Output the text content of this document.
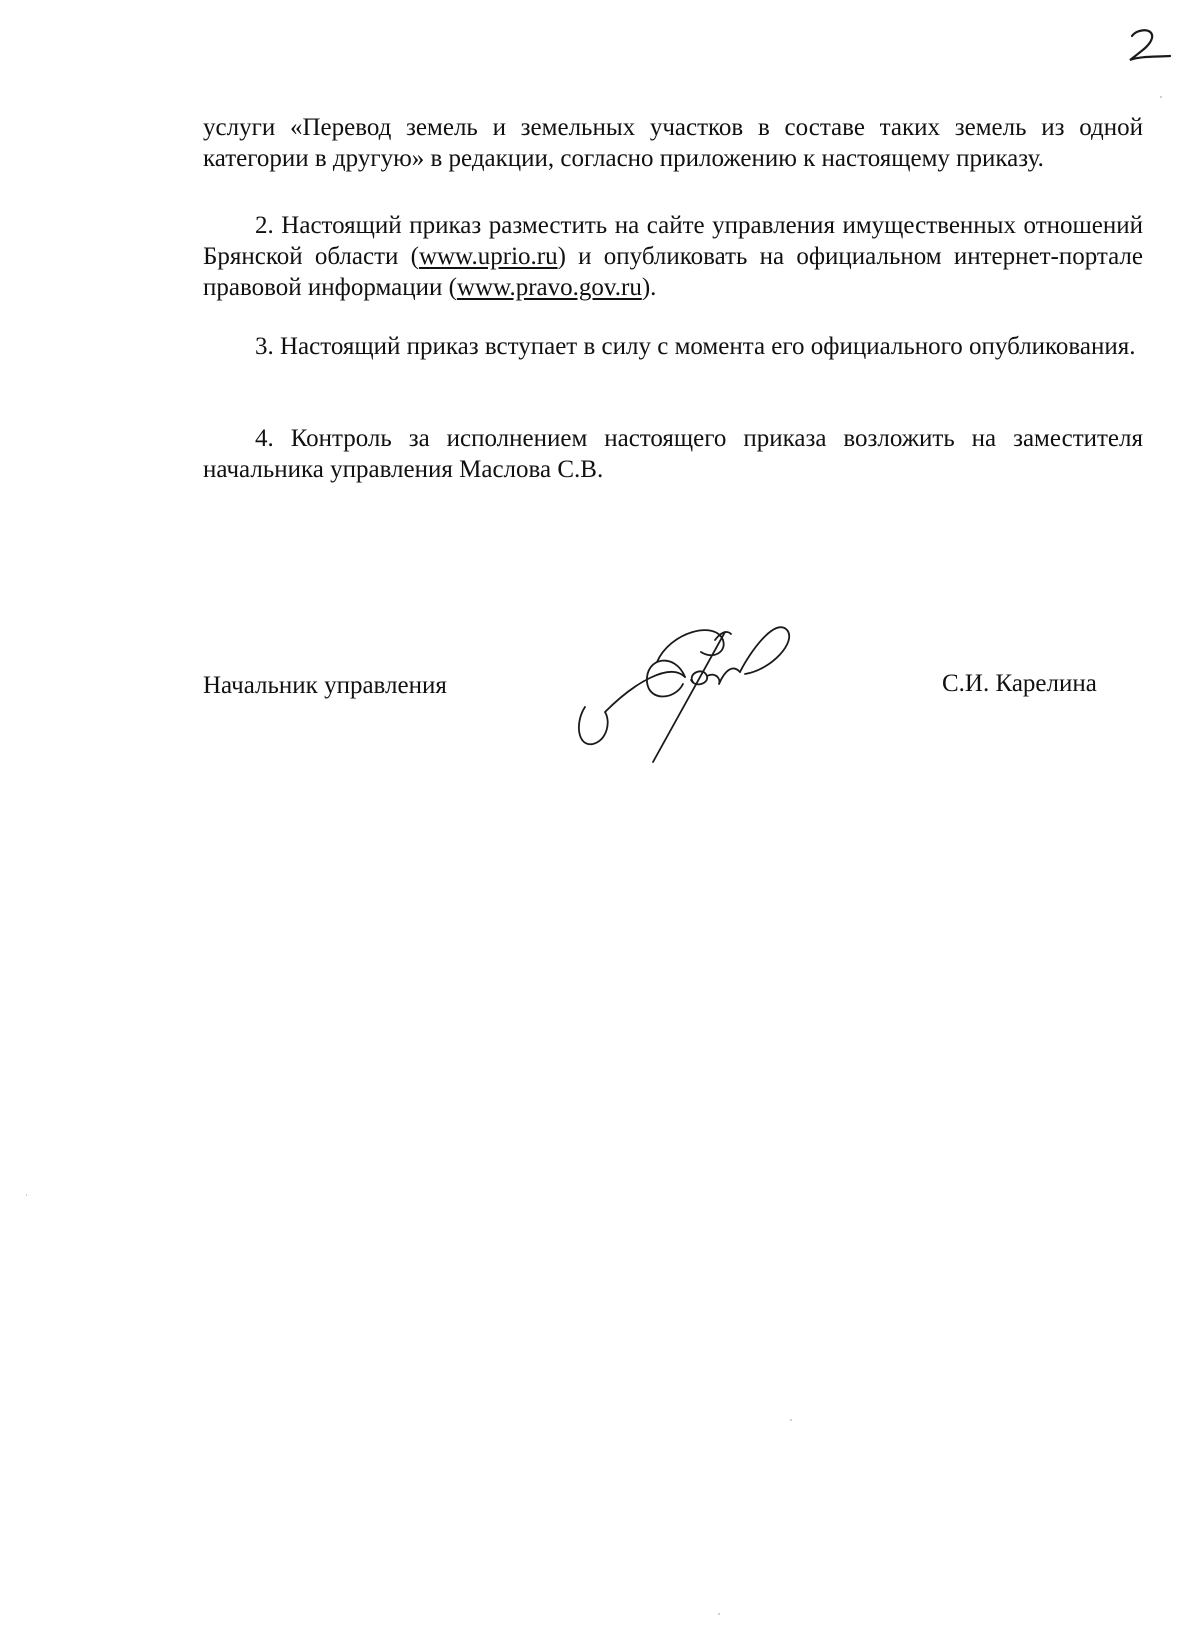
услуги «Перевод земель и земельных участков в составе таких земель из одной категории в другую» в редакции, согласно приложению к настоящему приказу.

2. Настоящий приказ разместить на сайте управления имущественных отношений Брянской области (www.uprio.ru) и опубликовать на официальном интернет-портале правовой информации (www.pravo.gov.ru).

3. Настоящий приказ вступает в силу с момента его официального опубликования.

4. Контроль за исполнением настоящего приказа возложить на заместителя начальника управления Маслова С.В.

Начальник управления	С.И. Карелина
